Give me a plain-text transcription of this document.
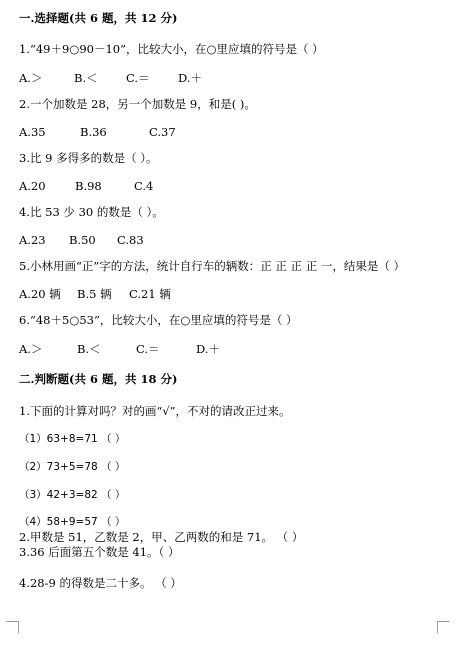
一.选择题(共 6 题，共 12 分)
1.“49＋9○90－10”，比较大小，在○里应填的符号是（ ）
A.＞	B.＜ C.＝ D.＋
2.一个加数是 28，另一个加数是 9，和是( )。
A.35	B.36	C.37
3.比 9 多得多的数是（ ）。
A.20	B.98	C.4
4.比 53 少 30 的数是（ ）。
A.23 B.50 C.83
5.小林用画“正”字的方法，统计自行车的辆数：正 正 正 正 一，结果是（ ）
A.20 辆 B.5 辆 C.21 辆
6.“48＋5○53”，比较大小，在○里应填的符号是（ ）
A.＞	B.＜	C.＝	D.＋
二.判断题(共 6 题，共 18 分)
1.下面的计算对吗？对的画“√”，不对的请改正过来。
（1）63+8=71 （ ）
（2）73+5=78 （ ）
（3）42+3=82 （ ）
（4）58+9=57 （ ）
2.甲数是 51，乙数是 2，甲、乙两数的和是 71。 （ ）
3.36 后面第五个数是 41。（ ）
4.28-9 的得数是二十多。 （ ）
